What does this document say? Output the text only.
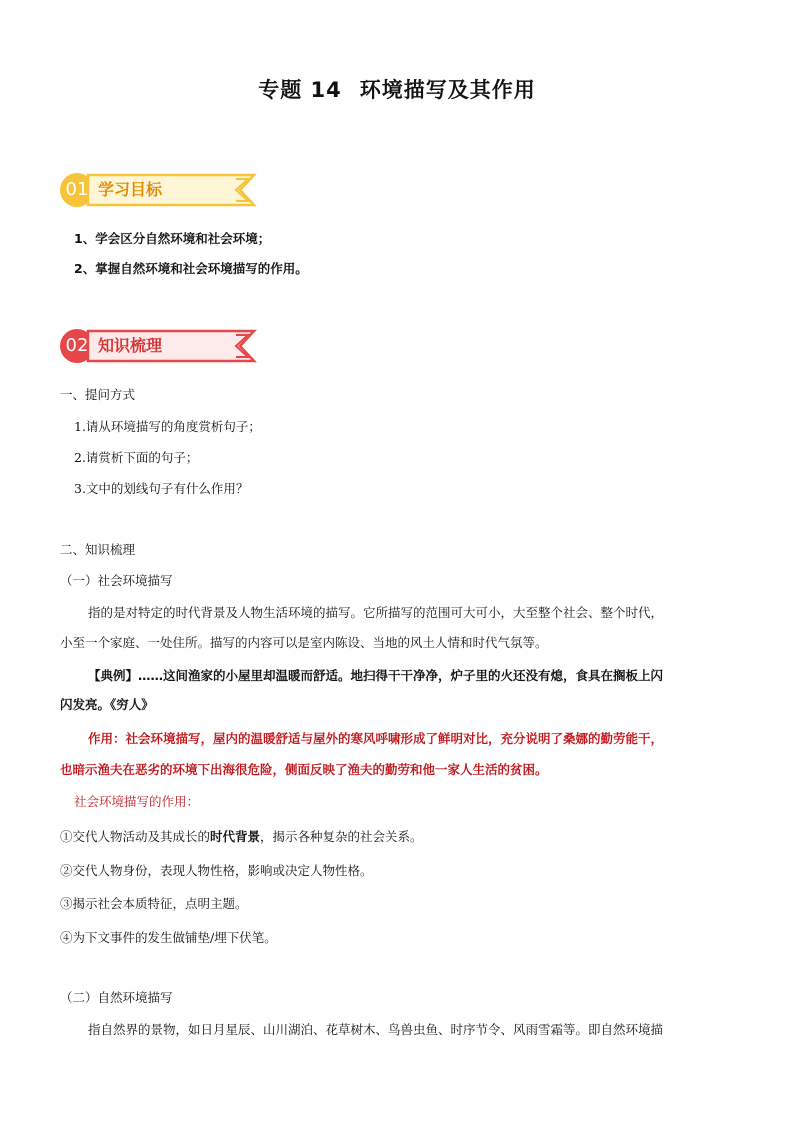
专题 14 环境描写及其作用
01 学习目标
1、学会区分自然环境和社会环境；
2、掌握自然环境和社会环境描写的作用。
02 知识梳理
一、提问方式
1.请从环境描写的角度赏析句子；
2.请赏析下面的句子；
3.文中的划线句子有什么作用？
二、知识梳理
（一）社会环境描写
指的是对特定的时代背景及人物生活环境的描写。它所描写的范围可大可小，大至整个社会、整个时代，
小至一个家庭、一处住所。描写的内容可以是室内陈设、当地的风土人情和时代气氛等。
【典例】……这间渔家的小屋里却温暖而舒适。地扫得干干净净，炉子里的火还没有熄，食具在搁板上闪
闪发亮。《穷人》
作用：社会环境描写，屋内的温暖舒适与屋外的寒风呼啸形成了鲜明对比，充分说明了桑娜的勤劳能干，
也暗示渔夫在恶劣的环境下出海很危险，侧面反映了渔夫的勤劳和他一家人生活的贫困。
社会环境描写的作用：
①交代人物活动及其成长的时代背景，揭示各种复杂的社会关系。
②交代人物身份，表现人物性格，影响或决定人物性格。
③揭示社会本质特征，点明主题。
④为下文事件的发生做铺垫/埋下伏笔。
（二）自然环境描写
指自然界的景物，如日月星辰、山川湖泊、花草树木、鸟兽虫鱼、时序节令、风雨雪霜等。即自然环境描
